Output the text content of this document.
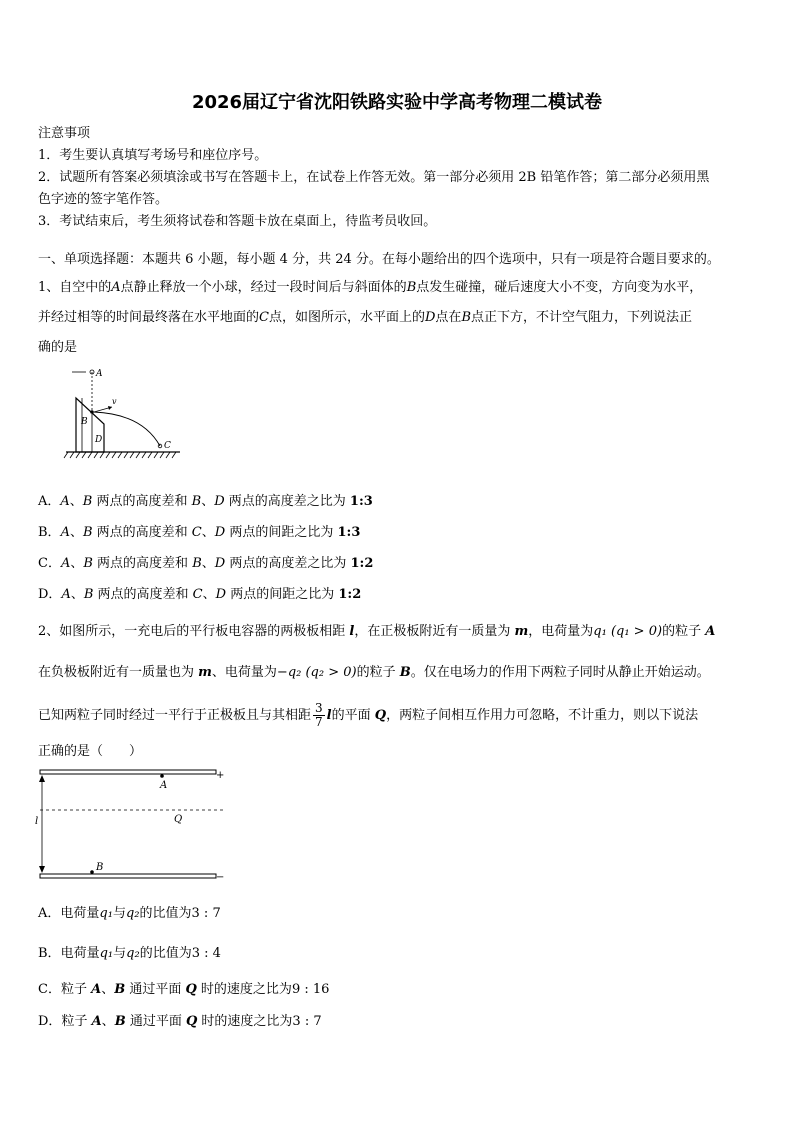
2026届辽宁省沈阳铁路实验中学高考物理二模试卷
注意事项
1．考生要认真填写考场号和座位序号。
2．试题所有答案必须填涂或书写在答题卡上，在试卷上作答无效。第一部分必须用 2B 铅笔作答；第二部分必须用黑
色字迹的签字笔作答。
3．考试结束后，考生须将试卷和答题卡放在桌面上，待监考员收回。
一、单项选择题：本题共 6 小题，每小题 4 分，共 24 分。在每小题给出的四个选项中，只有一项是符合题目要求的。
1、自空中的A点静止释放一个小球，经过一段时间后与斜面体的B点发生碰撞，碰后速度大小不变，方向变为水平，
并经过相等的时间最终落在水平地面的C点，如图所示，水平面上的D点在B点正下方，不计空气阻力，下列说法正
确的是
A
v
B
D
C
A．A、B 两点的高度差和 B、D 两点的高度差之比为 1:3
B．A、B 两点的高度差和 C、D 两点的间距之比为 1:3
C．A、B 两点的高度差和 B、D 两点的高度差之比为 1:2
D．A、B 两点的高度差和 C、D 两点的间距之比为 1:2
2、如图所示，一充电后的平行板电容器的两极板相距 l，在正极板附近有一质量为 m，电荷量为q₁ (q₁ > 0)的粒子 A
在负极板附近有一质量也为 m、电荷量为−q₂ (q₂ > 0)的粒子 B。仅在电场力的作用下两粒子同时从静止开始运动。
已知两粒子同时经过一平行于正极板且与其相距 $\frac{3}{7}$ l的平面 Q，两粒子间相互作用力可忽略，不计重力，则以下说法
正确的是（　　）
+
−
Q
l
A
B
A．电荷量q₁与q₂的比值为3 : 7
B．电荷量q₁与q₂的比值为3 : 4
C．粒子 A、B 通过平面 Q 时的速度之比为9 : 16
D．粒子 A、B 通过平面 Q 时的速度之比为3 : 7
